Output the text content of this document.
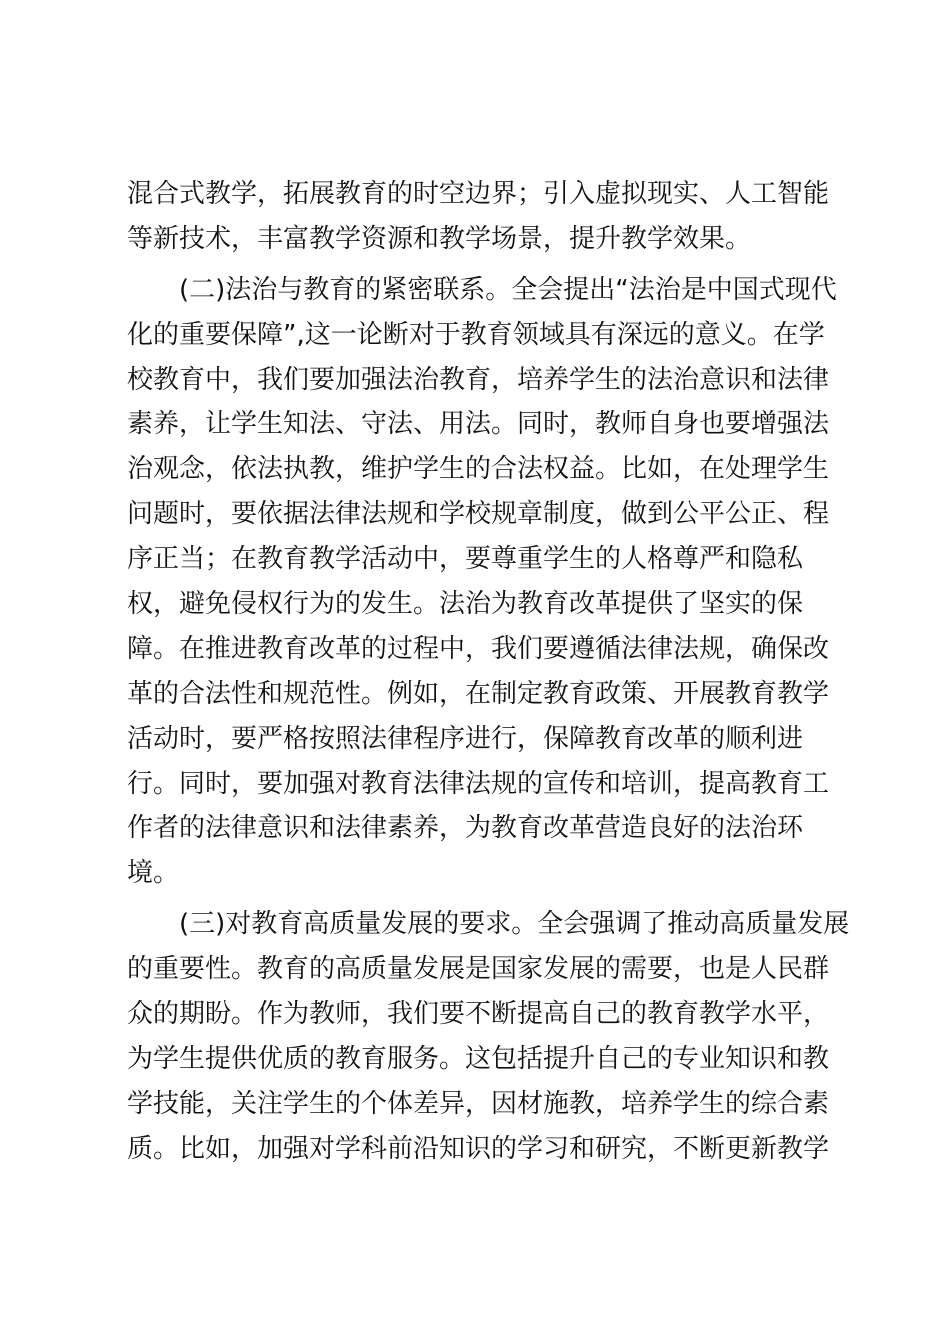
混合式教学，拓展教育的时空边界；引入虚拟现实、人工智能
等新技术，丰富教学资源和教学场景，提升教学效果。
(二)法治与教育的紧密联系。全会提出“法治是中国式现代
化的重要保障”,这一论断对于教育领域具有深远的意义。在学
校教育中，我们要加强法治教育，培养学生的法治意识和法律
素养，让学生知法、守法、用法。同时，教师自身也要增强法
治观念，依法执教，维护学生的合法权益。比如，在处理学生
问题时，要依据法律法规和学校规章制度，做到公平公正、程
序正当；在教育教学活动中，要尊重学生的人格尊严和隐私
权，避免侵权行为的发生。法治为教育改革提供了坚实的保
障。在推进教育改革的过程中，我们要遵循法律法规，确保改
革的合法性和规范性。例如，在制定教育政策、开展教育教学
活动时，要严格按照法律程序进行，保障教育改革的顺利进
行。同时，要加强对教育法律法规的宣传和培训，提高教育工
作者的法律意识和法律素养，为教育改革营造良好的法治环
境。
(三)对教育高质量发展的要求。全会强调了推动高质量发展
的重要性。教育的高质量发展是国家发展的需要，也是人民群
众的期盼。作为教师，我们要不断提高自己的教育教学水平，
为学生提供优质的教育服务。这包括提升自己的专业知识和教
学技能，关注学生的个体差异，因材施教，培养学生的综合素
质。比如，加强对学科前沿知识的学习和研究，不断更新教学
